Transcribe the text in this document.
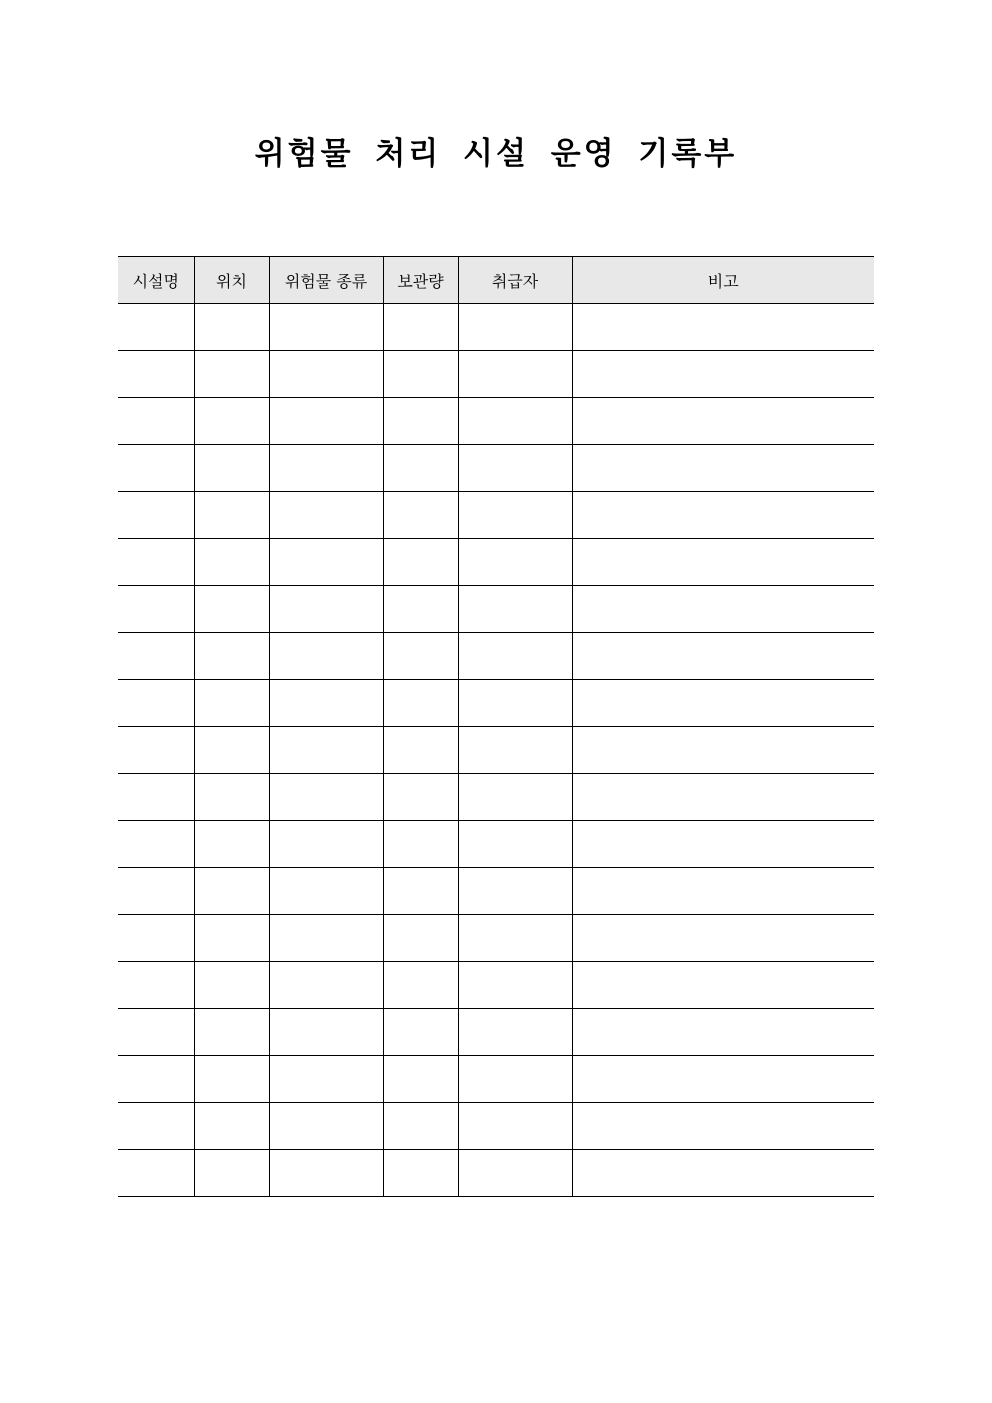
위험물 처리 시설 운영 기록부
시설명	위치	위험물 종류	보관량	취급자	비고
